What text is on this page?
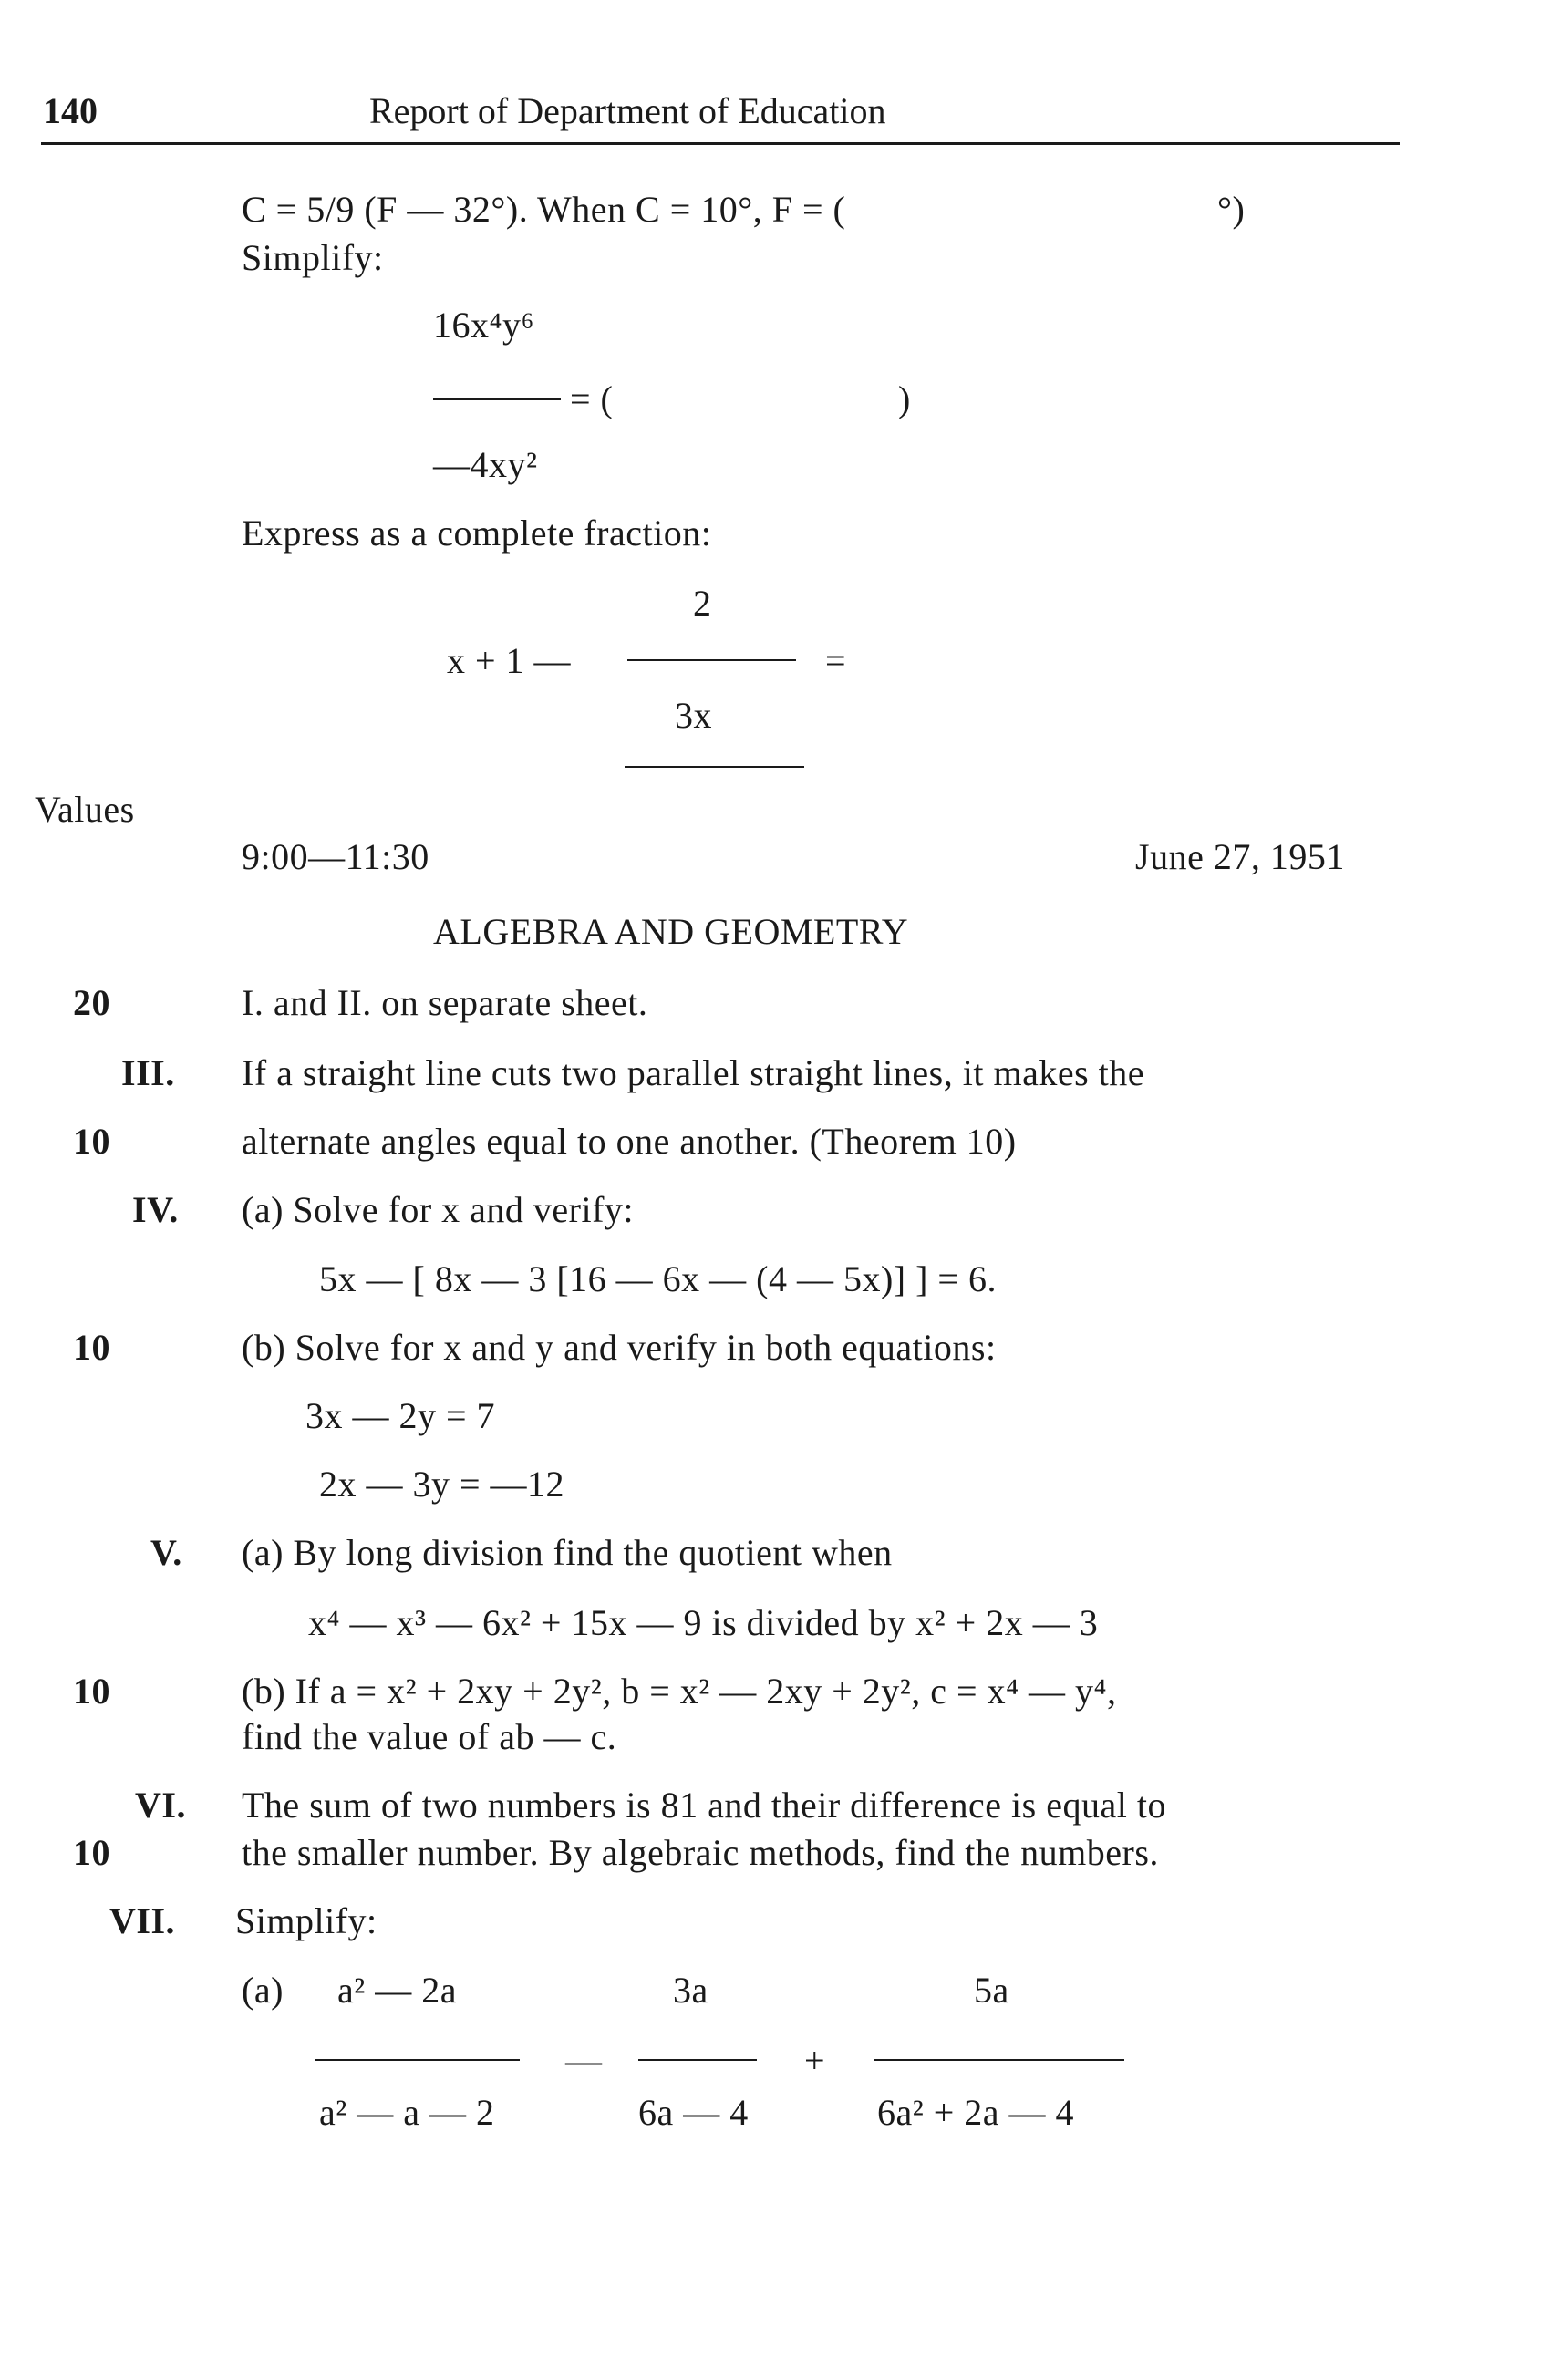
140	Report of Department of Education
C = 5/9 (F — 32°). When C = 10°, F = (	°)
Simplify:
16x⁴y⁶
= (	)
—4xy²
Express as a complete fraction:
2
x + 1 —	=
3x
Values
9:00—11:30	June 27, 1951
ALGEBRA AND GEOMETRY
20	I. and II. on separate sheet.
III. If a straight line cuts two parallel straight lines, it makes the
10	alternate angles equal to one another. (Theorem 10)
IV. (a) Solve for x and verify:
5x — [ 8x — 3 [16 — 6x — (4 — 5x)] ] = 6.
10	(b) Solve for x and y and verify in both equations:
3x — 2y = 7
2x — 3y = —12
V. (a) By long division find the quotient when
x⁴ — x³ — 6x² + 15x — 9 is divided by x² + 2x — 3
10	(b) If a = x² + 2xy + 2y², b = x² — 2xy + 2y², c = x⁴ — y⁴,
find the value of ab — c.
VI. The sum of two numbers is 81 and their difference is equal to
10	the smaller number. By algebraic methods, find the numbers.
VII. Simplify:
(a) a² — 2a
a² — a — 2
—
3a
6a — 4
+
5a
6a² + 2a — 4
